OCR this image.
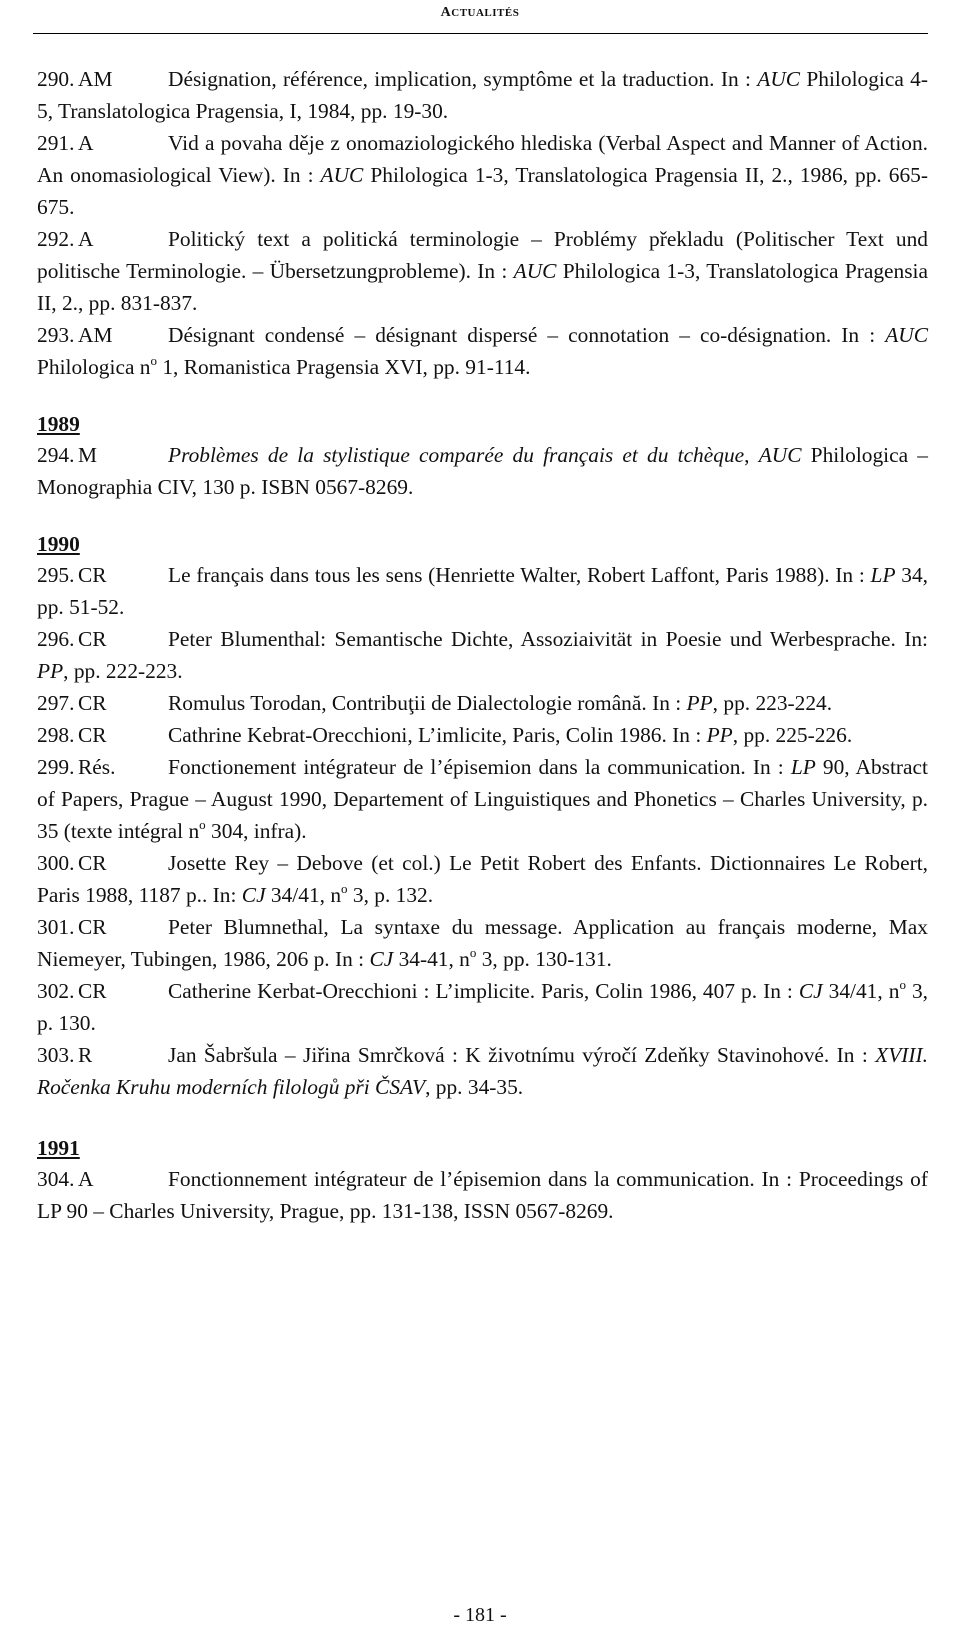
ACTUALITÉS
290. AM	Désignation, référence, implication, symptôme et la traduction. In : AUC Philologica 4-5, Translatologica Pragensia, I, 1984, pp. 19-30.
291. A	Vid a povaha děje z onomaziologického hlediska (Verbal Aspect and Manner of Action. An onomasiological View). In : AUC Philologica 1-3, Translatologica Pragensia II, 2., 1986, pp. 665-675.
292. A	Politický text a politická terminologie – Problémy překladu (Politischer Text und politische Terminologie. – Übersetzungprobleme). In : AUC Philologica 1-3, Translatologica Pragensia II, 2., pp. 831-837.
293. AM	Désignant condensé – désignant dispersé – connotation – co-désignation. In : AUC Philologica $n^o$ 1, Romanistica Pragensia XVI, pp. 91-114.
1989
294. M	Problèmes de la stylistique comparée du français et du tchèque, AUC Philologica – Monographia CIV, 130 p. ISBN 0567-8269.
1990
295. CR	Le français dans tous les sens (Henriette Walter, Robert Laffont, Paris 1988). In : LP 34, pp. 51-52.
296. CR	Peter Blumenthal: Semantische Dichte, Assoziaivität in Poesie und Werbesprache. In: PP, pp. 222-223.
297. CR	Romulus Torodan, Contribuţii de Dialectologie română. In : PP, pp. 223-224.
298. CR	Cathrine Kebrat-Orecchioni, L’imlicite, Paris, Colin 1986. In : PP, pp. 225-226.
299. Rés. Fonctionement intégrateur de l’épisemion dans la communication. In : LP 90, Abstract of Papers, Prague – August 1990, Departement of Linguistiques and Phonetics – Charles University, p. 35 (texte intégral $n^o$ 304, infra).
300. CR	Josette Rey – Debove (et col.) Le Petit Robert des Enfants. Dictionnaires Le Robert, Paris 1988, 1187 p.. In: CJ 34/41, $n^o$ 3, p. 132.
301. CR	Peter Blumnethal, La syntaxe du message. Application au français moderne, Max Niemeyer, Tubingen, 1986, 206 p. In : CJ 34-41, $n^o$ 3, pp. 130-131.
302. CR	Catherine Kerbat-Orecchioni : L’implicite. Paris, Colin 1986, 407 p. In : CJ 34/41, $n^o$ 3, p. 130.
303. R	Jan Šabršula – Jiřina Smrčková : K životnímu výročí Zdeňky Stavinohové. In : XVIII. Ročenka Kruhu moderních filologů při ČSAV, pp. 34-35.
1991
304. A	Fonctionnement intégrateur de l’épisemion dans la communication. In : Proceedings of LP 90 – Charles University, Prague, pp. 131-138, ISSN 0567-8269.
- 181 -
